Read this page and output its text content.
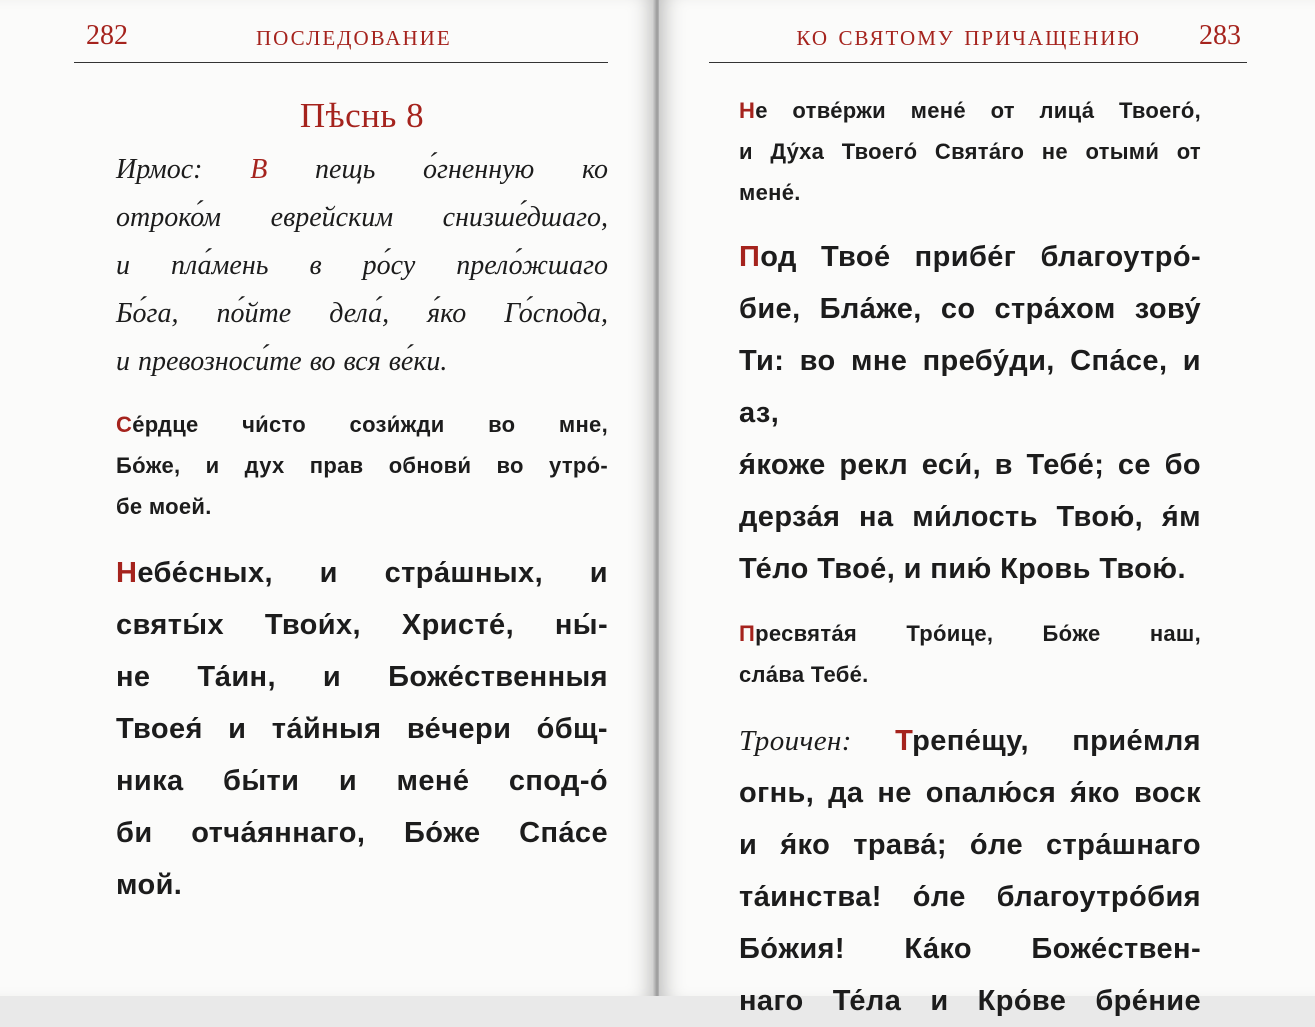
282	последование
Пѣснь 8

Ирмос: В пещь о́гненную ко
отроко́м еврейским снизше́дшаго,
и пла́мень в ро́су прело́жшаго
Бо́га, по́йте дела́, я́ко Го́спода,
и превозноси́те во вся ве́ки.

Се́рдце чи́сто сози́жди во мне,
Бо́же, и дух прав обнови́ во утро́-
бе моей.

Небе́сных, и стра́шных, и
святы́х Твои́х, Христе́, ны́-
не Та́ин, и Боже́ственныя
Твоея́ и та́йныя ве́чери о́бщ-
ника бы́ти и мене́ спод-о́
би отча́яннаго, Бо́же Спа́се
мой.

ко святому причащению 283

Не отве́ржи мене́ от лица́ Твоего́,
и Ду́ха Твоего́ Свята́го не отыми́ от
мене́.

Под Твое́ прибе́г благоутро́-
бие, Бла́же, со стра́хом зову́
Ти: во мне пребу́ди, Спа́се, и аз,
я́коже рекл еси́, в Тебе́; се бо
дерза́я на ми́лость Твою́, я́м
Те́ло Твое́, и пию́ Кровь Твою́.

Пресвята́я Тро́ице, Бо́же наш,
сла́ва Тебе́.

Троичен: Трепе́щу, прие́мля
огнь, да не опалю́ся я́ко воск
и я́ко трава́; о́ле стра́шнаго
та́инства! о́ле благоутро́бия
Бо́жия! Ка́ко Боже́ствен-
наго Те́ла и Кро́ве бре́ние
